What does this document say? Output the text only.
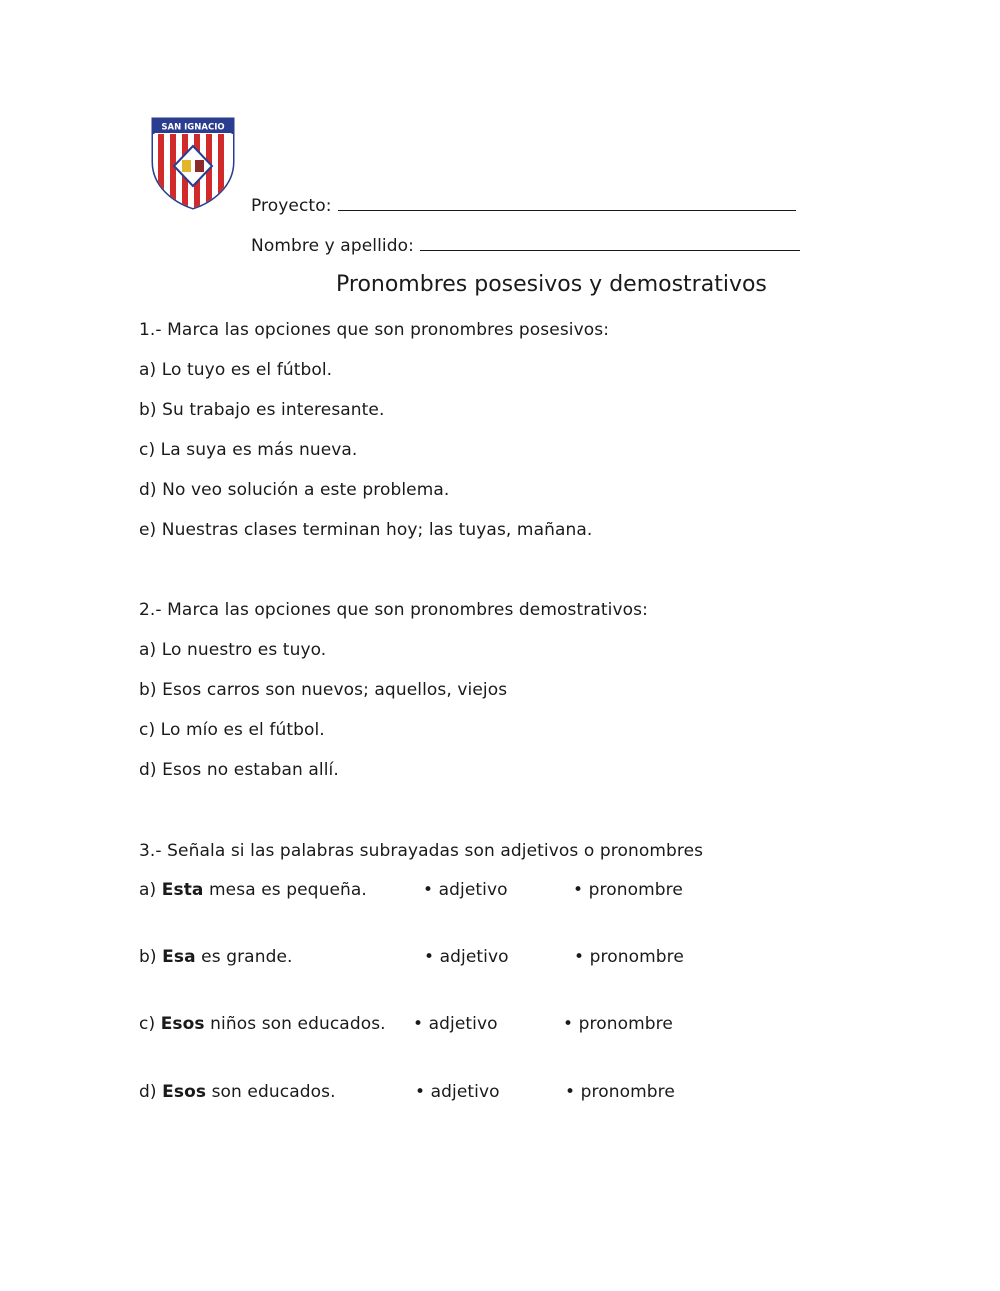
SAN IGNACIO
Proyecto:
Nombre y apellido:
Pronombres posesivos y demostrativos
1.- Marca las opciones que son pronombres posesivos:
a) Lo tuyo es el fútbol.
b) Su trabajo es interesante.
c) La suya es más nueva.
d) No veo solución a este problema.
e) Nuestras clases terminan hoy; las tuyas, mañana.
2.- Marca las opciones que son pronombres demostrativos:
a) Lo nuestro es tuyo.
b) Esos carros son nuevos; aquellos, viejos
c) Lo mío es el fútbol.
d) Esos no estaban allí.
3.- Señala si las palabras subrayadas son adjetivos o pronombres
a) Esta mesa es pequeña.	• adjetivo	• pronombre
b) Esa es grande.	• adjetivo	• pronombre
c) Esos niños son educados. • adjetivo	• pronombre
d) Esos son educados.	• adjetivo	• pronombre
